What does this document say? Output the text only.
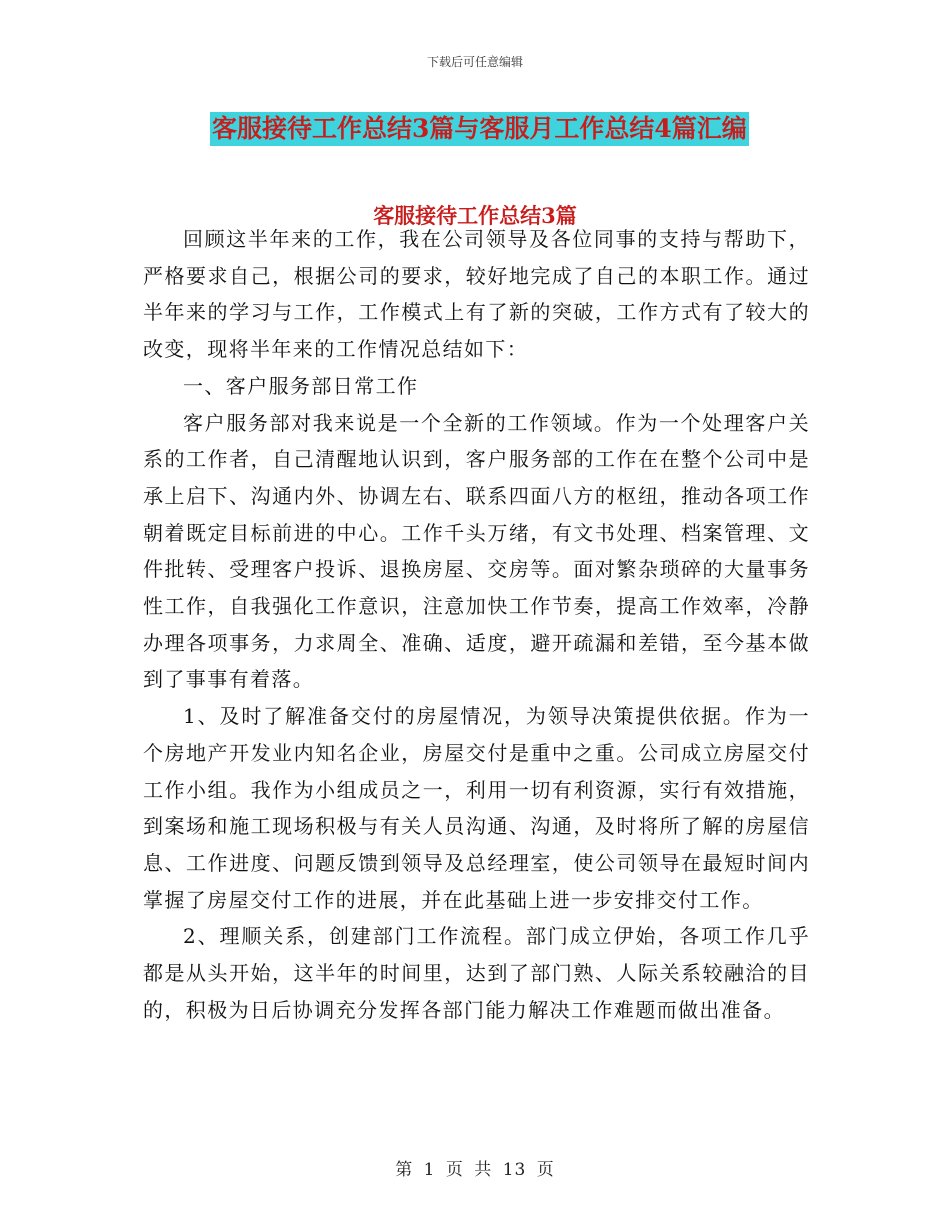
下载后可任意编辑
客服接待工作总结3篇与客服月工作总结4篇汇编
客服接待工作总结3篇

回顾这半年来的工作，我在公司领导及各位同事的支持与帮助下，严格要求自己，根据公司的要求，较好地完成了自己的本职工作。通过半年来的学习与工作，工作模式上有了新的突破，工作方式有了较大的改变，现将半年来的工作情况总结如下：

一、客户服务部日常工作

客户服务部对我来说是一个全新的工作领域。作为一个处理客户关系的工作者，自己清醒地认识到，客户服务部的工作在在整个公司中是承上启下、沟通内外、协调左右、联系四面八方的枢纽，推动各项工作朝着既定目标前进的中心。工作千头万绪，有文书处理、档案管理、文件批转、受理客户投诉、退换房屋、交房等。面对繁杂琐碎的大量事务性工作，自我强化工作意识，注意加快工作节奏，提高工作效率，冷静办理各项事务，力求周全、准确、适度，避开疏漏和差错，至今基本做到了事事有着落。

1、及时了解准备交付的房屋情况，为领导决策提供依据。作为一个房地产开发业内知名企业，房屋交付是重中之重。公司成立房屋交付工作小组。我作为小组成员之一，利用一切有利资源，实行有效措施，到案场和施工现场积极与有关人员沟通、沟通，及时将所了解的房屋信息、工作进度、问题反馈到领导及总经理室，使公司领导在最短时间内掌握了房屋交付工作的进展，并在此基础上进一步安排交付工作。

2、理顺关系，创建部门工作流程。部门成立伊始，各项工作几乎都是从头开始，这半年的时间里，达到了部门熟、人际关系较融洽的目的，积极为日后协调充分发挥各部门能力解决工作难题而做出准备。

第 1 页 共 13 页
